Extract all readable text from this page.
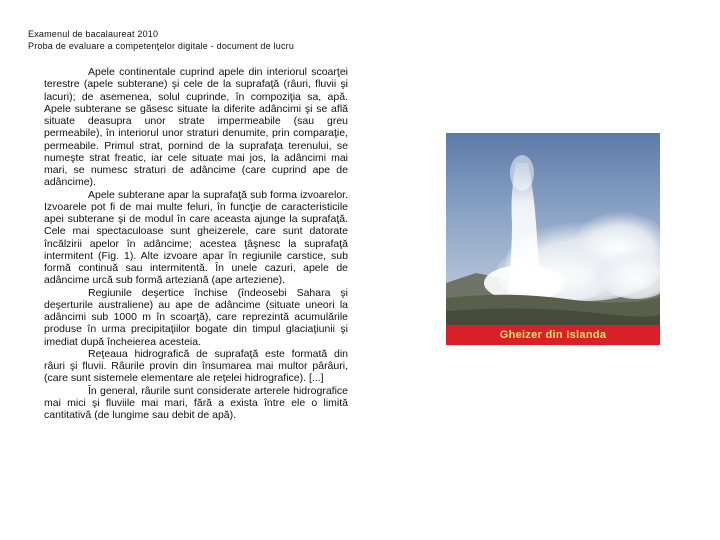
Examenul de bacalaureat 2010
Proba de evaluare a competenţelor digitale - document de lucru

Apele continentale cuprind apele din interiorul scoarţei terestre (apele subterane) şi cele de la suprafaţă (râuri, fluvii şi lacuri); de asemenea, solul cuprinde, în compoziţia sa, apă. Apele subterane se găsesc situate la diferite adâncimi şi se află situate deasupra unor strate impermeabile (sau greu permeabile), în interiorul unor straturi denumite, prin comparaţie, permeabile. Primul strat, pornind de la suprafaţa terenului, se numeşte strat freatic, iar cele situate mai jos, la adâncimi mai mari, se numesc straturi de adâncime (care cuprind ape de adâncime).

Apele subterane apar la suprafaţă sub forma izvoarelor. Izvoarele pot fi de mai multe feluri, în funcţie de caracteristicile apei subterane şi de modul în care aceasta ajunge la suprafaţă. Cele mai spectaculoase sunt gheizerele, care sunt datorate încălzirii apelor în adâncime; acestea ţâşnesc la suprafaţă intermitent (Fig. 1). Alte izvoare apar în regiunile carstice, sub formă continuă sau intermitentă. În unele cazuri, apele de adâncime urcă sub formă arteziană (ape arteziene).

Regiunile deşertice închise (îndeosebi Sahara şi deşerturile australiene) au ape de adâncime (situate uneori la adâncimi sub 1000 m în scoarţă), care reprezintă acumulările produse în urma precipitaţiilor bogate din timpul glaciaţiunii şi imediat după încheierea acesteia.

Reţeaua hidrografică de suprafaţă este formată din râuri şi fluvii. Râurile provin din însumarea mai multor pârâuri, (care sunt sistemele elementare ale reţelei hidrografice). [...]

În general, râurile sunt considerate arterele hidrografice mai mici şi fluviile mai mari, fără a exista între ele o limită cantitativă (de lungime sau debit de apă).

Gheizer din Islanda
